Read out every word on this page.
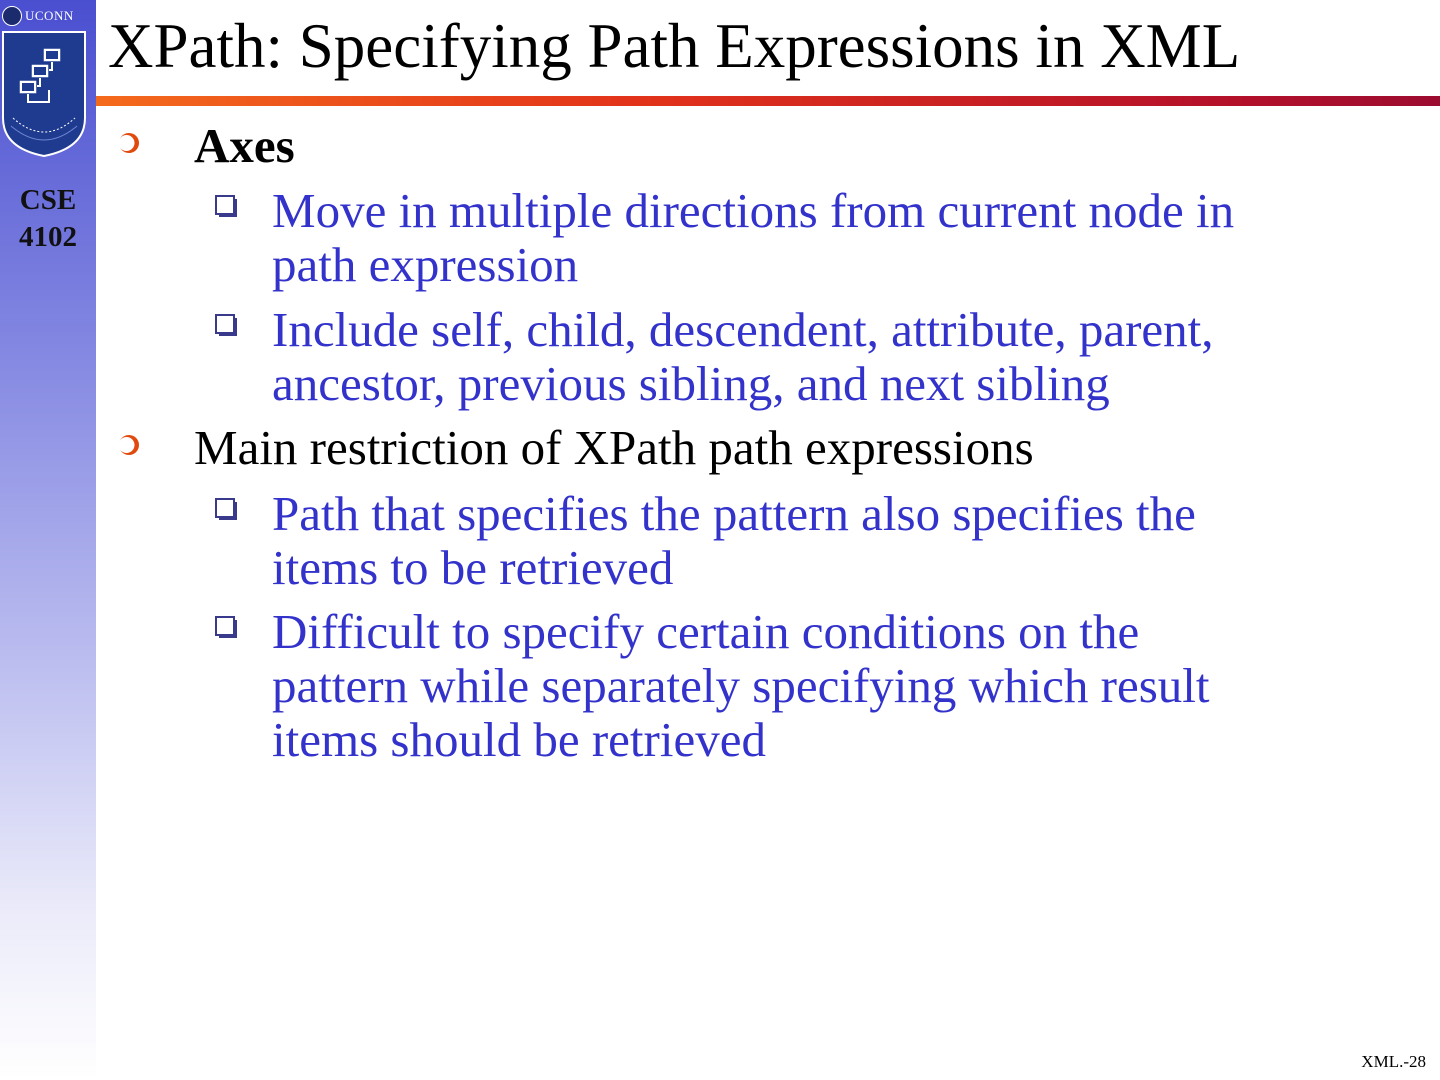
UCONN
CSE
4102
XPath: Specifying Path Expressions in XML
Axes
Move in multiple directions from current node in
path expression
Include self, child, descendent, attribute, parent,
ancestor, previous sibling, and next sibling
Main restriction of XPath path expressions
Path that specifies the pattern also specifies the
items to be retrieved
Difficult to specify certain conditions on the
pattern while separately specifying which result
items should be retrieved
XML.-28
